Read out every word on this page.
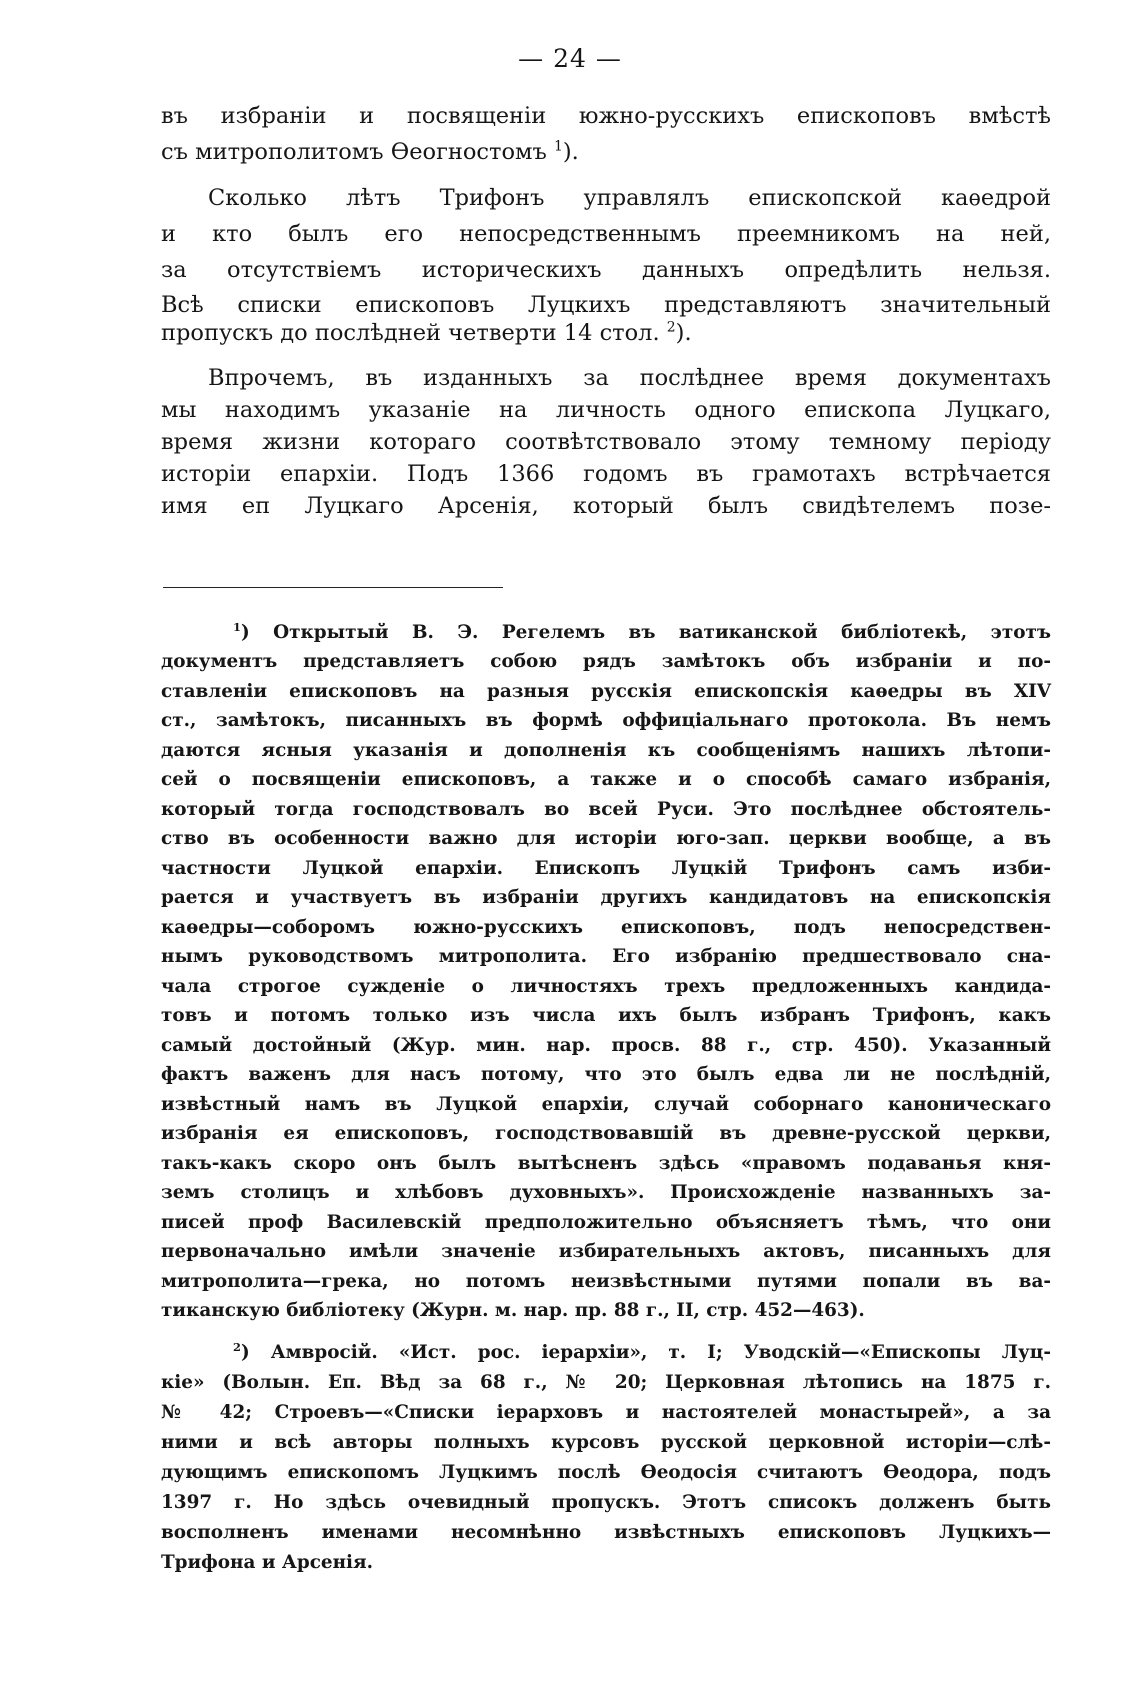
— 24 —

въ избраніи и посвященіи южно-русскихъ епископовъ вмѣстѣ

съ митрополитомъ Ѳеогностомъ $^1$).

Сколько лѣтъ Трифонъ управлялъ епископской каѳедрой

и кто былъ его непосредственнымъ преемникомъ на ней,

за отсутствіемъ историческихъ данныхъ опредѣлить нельзя.

Всѣ списки епископовъ Луцкихъ представляютъ значительный

пропускъ до послѣдней четверти 14 стол. $^2$).

Впрочемъ, въ изданныхъ за послѣднее время документахъ

мы находимъ указаніе на личность одного епископа Луцкаго,

время жизни котораго соотвѣтствовало этому темному періоду

исторіи епархіи. Подъ 1366 годомъ въ грамотахъ встрѣчается

имя еп Луцкаго Арсенія, который былъ свидѣтелемъ позе-

$^1$) Открытый В. Э. Регелемъ въ ватиканской библіотекѣ, этотъ

документъ представляетъ собою рядъ замѣтокъ объ избраніи и по-

ставленіи епископовъ на разныя русскія епископскія каѳедры въ XIV

ст., замѣтокъ, писанныхъ въ формѣ оффиціальнаго протокола. Въ немъ

даются ясныя указанія и дополненія къ сообщеніямъ нашихъ лѣтопи-

сей о посвященіи епископовъ, а также и о способѣ самаго избранія,

который тогда господствовалъ во всей Руси. Это послѣднее обстоятель-

ство въ особенности важно для исторіи юго-зап. церкви вообще, а въ

частности Луцкой епархіи. Епископъ Луцкій Трифонъ самъ изби-

рается и участвуетъ въ избраніи другихъ кандидатовъ на епископскія

каѳедры—соборомъ южно-русскихъ епископовъ, подъ непосредствен-

нымъ руководствомъ митрополита. Его избранію предшествовало сна-

чала строгое сужденіе о личностяхъ трехъ предложенныхъ кандида-

товъ и потомъ только изъ числа ихъ былъ избранъ Трифонъ, какъ

самый достойный (Жур. мин. нар. просв. 88 г., стр. 450). Указанный

фактъ важенъ для насъ потому, что это былъ едва ли не послѣдній,

извѣстный намъ въ Луцкой епархіи, случай соборнаго каноническаго

избранія ея епископовъ, господствовавшій въ древне-русской церкви,

такъ-какъ скоро онъ былъ вытѣсненъ здѣсь «правомъ подаванья кня-

земъ столицъ и хлѣбовъ духовныхъ». Происхожденіе названныхъ за-

писей проф Василевскій предположительно объясняетъ тѣмъ, что они

первоначально имѣли значеніе избирательныхъ актовъ, писанныхъ для

митрополита—грека, но потомъ неизвѣстными путями попали въ ва-

тиканскую библіотеку (Журн. м. нар. пр. 88 г., II, стр. 452—463).

$^2$) Амвросій. «Ист. рос. іерархіи», т. I; Уводскій—«Епископы Луц-

кіе» (Волын. Еп. Вѣд за 68 г., № 20; Церковная лѣтопись на 1875 г.

№ 42; Строевъ—«Списки іерарховъ и настоятелей монастырей», а за

ними и всѣ авторы полныхъ курсовъ русской церковной исторіи—слѣ-

дующимъ епископомъ Луцкимъ послѣ Ѳеодосія считаютъ Ѳеодора, подъ

1397 г. Но здѣсь очевидный пропускъ. Этотъ списокъ долженъ быть

восполненъ именами несомнѣнно извѣстныхъ епископовъ Луцкихъ—

Трифона и Арсенія.
